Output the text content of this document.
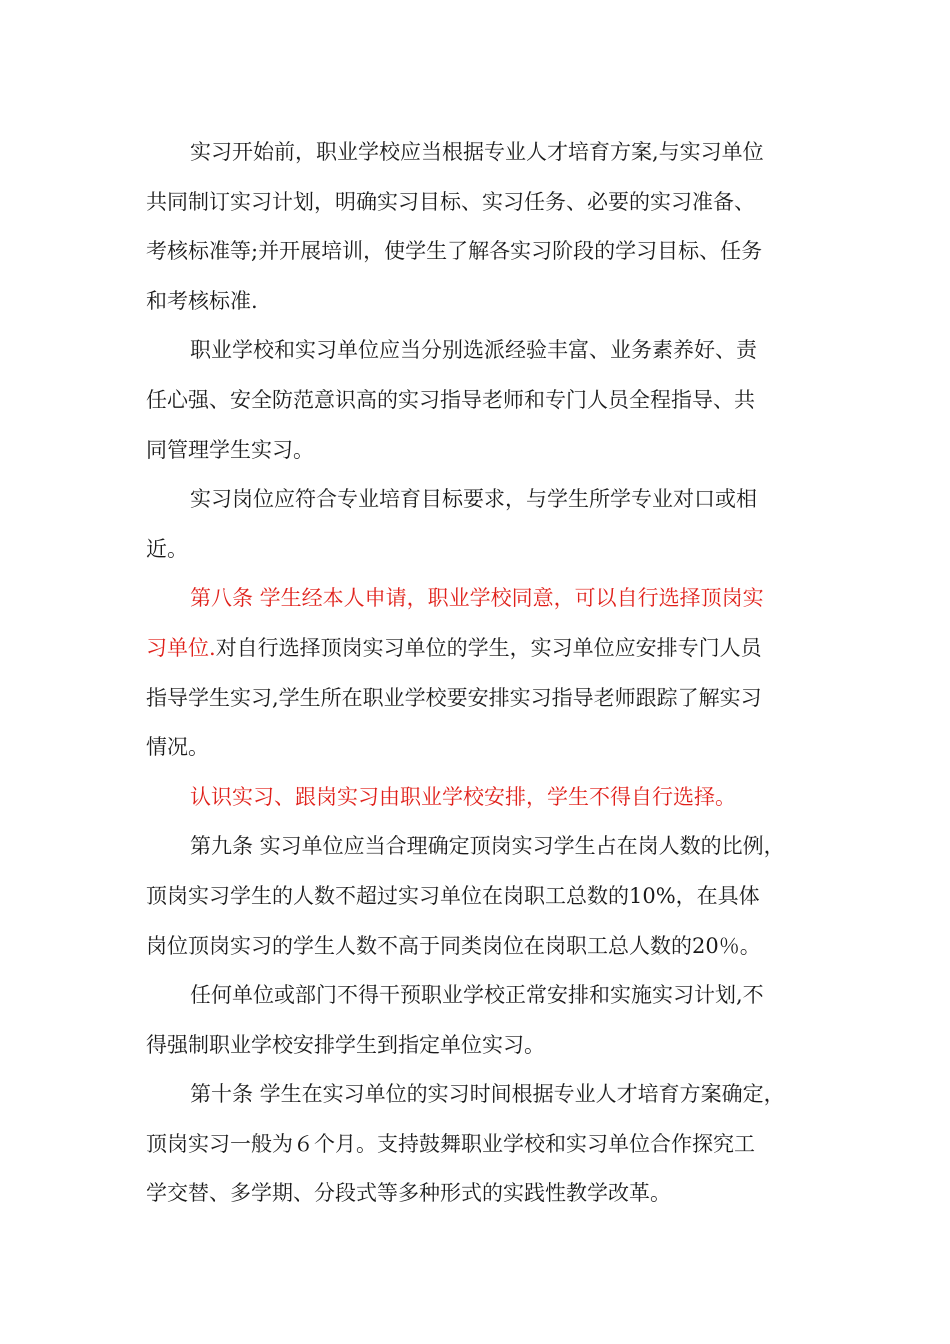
实习开始前，职业学校应当根据专业人才培育方案,与实习单位
共同制订实习计划，明确实习目标、实习任务、必要的实习准备、
考核标准等;并开展培训，使学生了解各实习阶段的学习目标、任务
和考核标准.
职业学校和实习单位应当分别选派经验丰富、业务素养好、责
任心强、安全防范意识高的实习指导老师和专门人员全程指导、共
同管理学生实习。
实习岗位应符合专业培育目标要求，与学生所学专业对口或相
近。
第八条 学生经本人申请，职业学校同意，可以自行选择顶岗实
习单位.对自行选择顶岗实习单位的学生，实习单位应安排专门人员
指导学生实习,学生所在职业学校要安排实习指导老师跟踪了解实习
情况。
认识实习、跟岗实习由职业学校安排，学生不得自行选择。
第九条 实习单位应当合理确定顶岗实习学生占在岗人数的比例，
顶岗实习学生的人数不超过实习单位在岗职工总数的10%，在具体
岗位顶岗实习的学生人数不高于同类岗位在岗职工总人数的20％。
任何单位或部门不得干预职业学校正常安排和实施实习计划,不
得强制职业学校安排学生到指定单位实习。
第十条 学生在实习单位的实习时间根据专业人才培育方案确定，
顶岗实习一般为６个月。支持鼓舞职业学校和实习单位合作探究工
学交替、多学期、分段式等多种形式的实践性教学改革。
